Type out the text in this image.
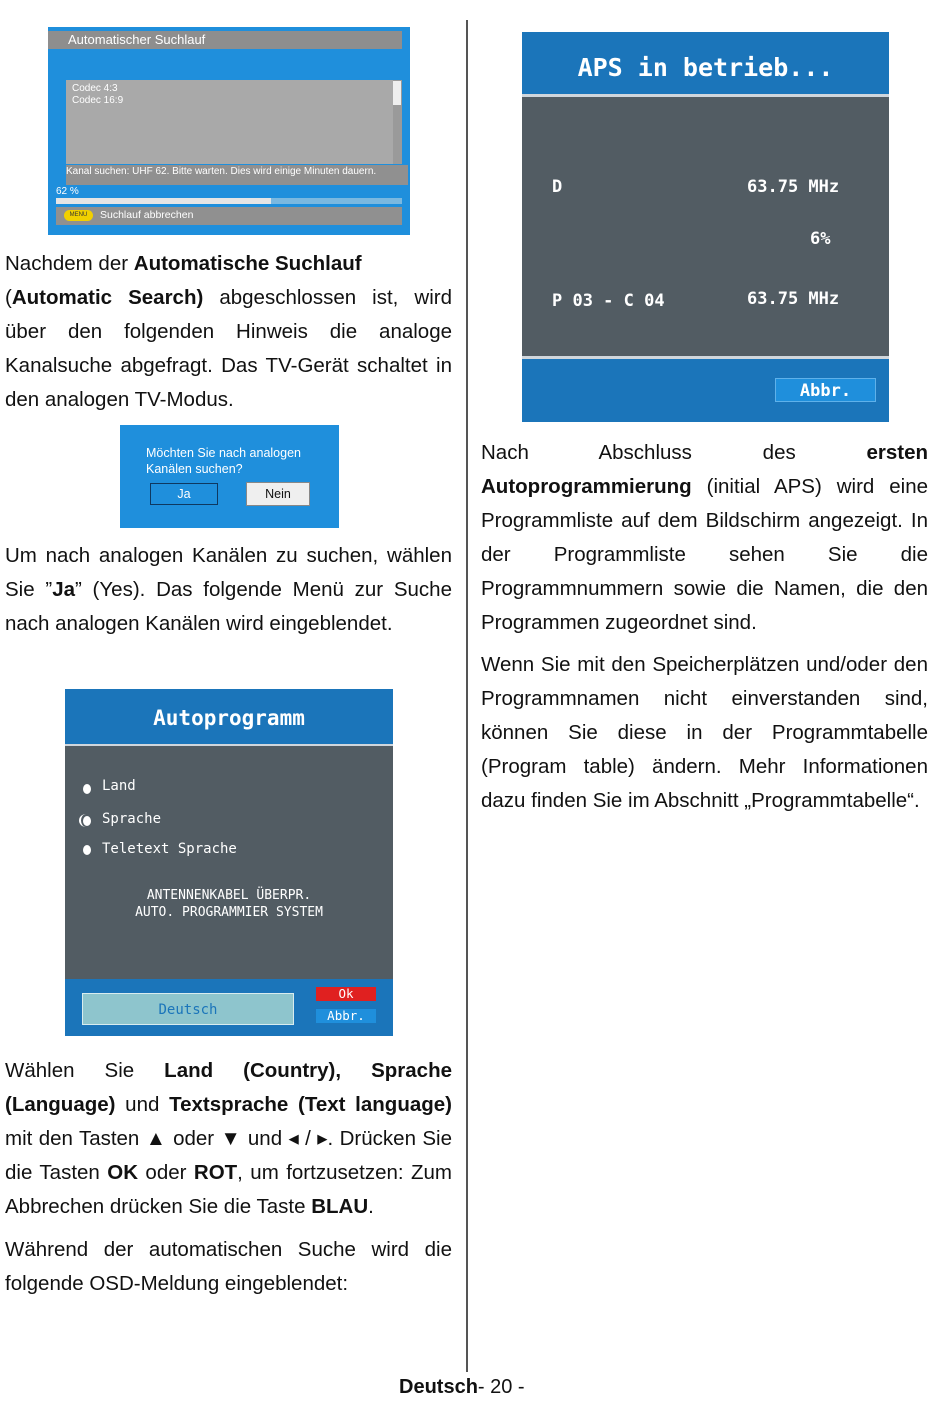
Automatischer Suchlauf
Codec 4:3
Codec 16:9
Kanal suchen: UHF 62. Bitte warten. Dies wird einige Minuten dauern.
62 %
MENU	Suchlauf abbrechen
Nachdem der Automatische Suchlauf
(Automatic Search) abgeschlossen ist, wird über den folgenden Hinweis die analoge Kanalsuche abgefragt. Das TV-Gerät schaltet in den analogen TV-Modus.
Möchten Sie nach analogen Kanälen suchen?
Ja	Nein
Um nach analogen Kanälen zu suchen, wählen Sie ”Ja” (Yes). Das folgende Menü zur Suche nach analogen Kanälen wird eingeblendet.
Autoprogramm
Land
Sprache
Teletext Sprache
ANTENNENKABEL ÜBERPR.
AUTO. PROGRAMMIER SYSTEM
Deutsch
Ok
Abbr.
Wählen Sie Land (Country), Sprache (Language) und Textsprache (Text language) mit den Tasten ▲ oder ▼ und ◂ / ▸. Drücken Sie die Tasten OK oder ROT, um fortzusetzen: Zum Abbrechen drücken Sie die Taste BLAU.
Während der automatischen Suche wird die folgende OSD-Meldung eingeblendet:
APS in betrieb...
D	63.75 MHz
6%
P 03 - C 04	63.75 MHz
Abbr.
Nach Abschluss des ersten Autoprogrammierung (initial APS) wird eine Programmliste auf dem Bildschirm angezeigt. In der Programmliste sehen Sie die Programmnummern sowie die Namen, die den Programmen zugeordnet sind.
Wenn Sie mit den Speicherplätzen und/oder den Programmnamen nicht einverstanden sind, können Sie diese in der Programmtabelle (Program table) ändern. Mehr Informationen dazu finden Sie im Abschnitt „Programmtabelle“.
Deutsch- 20 -
